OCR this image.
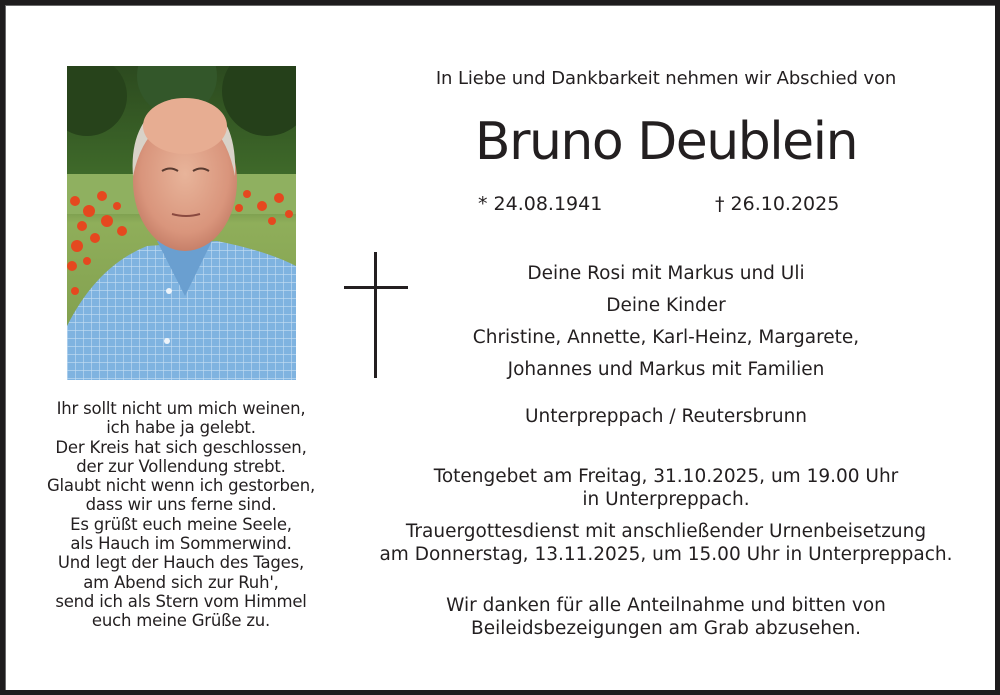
Ihr sollt nicht um mich weinen,
ich habe ja gelebt.
Der Kreis hat sich geschlossen,
der zur Vollendung strebt.
Glaubt nicht wenn ich gestorben,
dass wir uns ferne sind.
Es grüßt euch meine Seele,
als Hauch im Sommerwind.
Und legt der Hauch des Tages,
am Abend sich zur Ruh',
send ich als Stern vom Himmel
euch meine Grüße zu.
In Liebe und Dankbarkeit nehmen wir Abschied von
Bruno Deublein
* 24.08.1941	† 26.10.2025
Deine Rosi mit Markus und Uli
Deine Kinder
Christine, Annette, Karl-Heinz, Margarete,
Johannes und Markus mit Familien
Unterpreppach / Reutersbrunn
Totengebet am Freitag, 31.10.2025, um 19.00 Uhr
in Unterpreppach.
Trauergottesdienst mit anschließender Urnenbeisetzung
am Donnerstag, 13.11.2025, um 15.00 Uhr in Unterpreppach.
Wir danken für alle Anteilnahme und bitten von
Beileidsbezeigungen am Grab abzusehen.
